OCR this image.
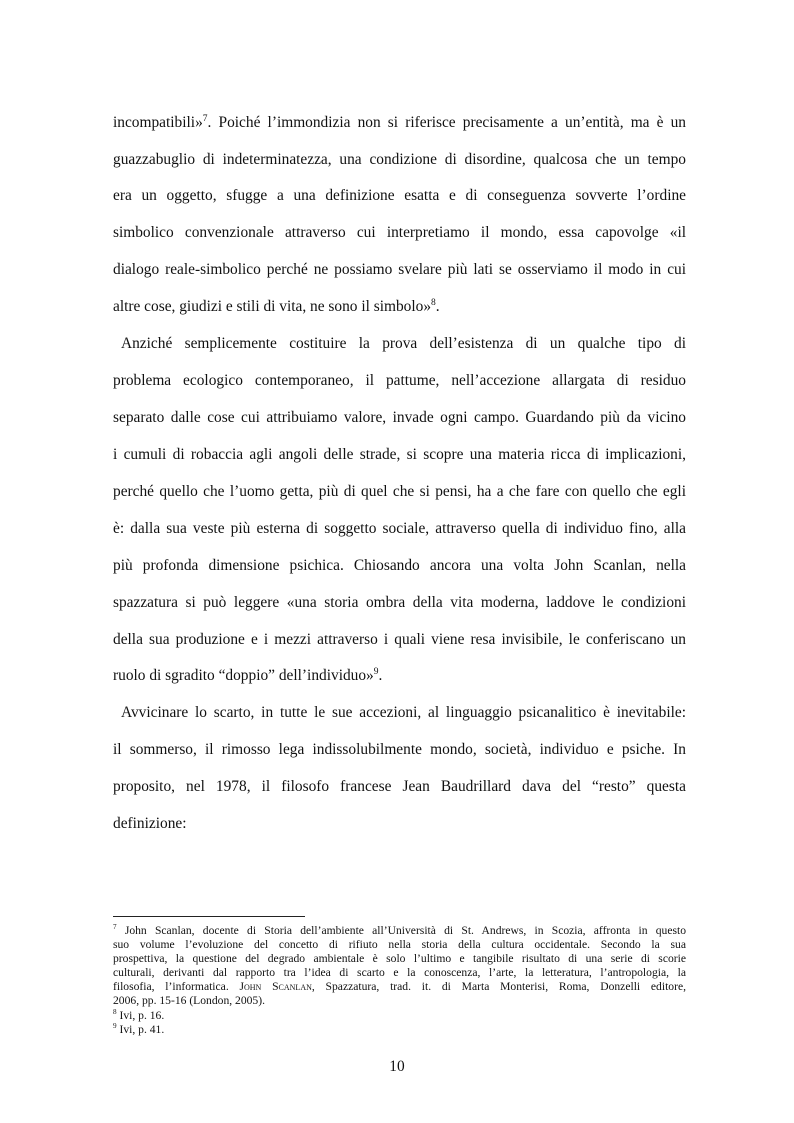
incompatibili»$^7$. Poiché l’immondizia non si riferisce precisamente a un’entità, ma è un
guazzabuglio di indeterminatezza, una condizione di disordine, qualcosa che un tempo
era un oggetto, sfugge a una definizione esatta e di conseguenza sovverte l’ordine
simbolico convenzionale attraverso cui interpretiamo il mondo, essa capovolge «il
dialogo reale-simbolico perché ne possiamo svelare più lati se osserviamo il modo in cui
altre cose, giudizi e stili di vita, ne sono il simbolo»$^8$.
Anziché semplicemente costituire la prova dell’esistenza di un qualche tipo di
problema ecologico contemporaneo, il pattume, nell’accezione allargata di residuo
separato dalle cose cui attribuiamo valore, invade ogni campo. Guardando più da vicino
i cumuli di robaccia agli angoli delle strade, si scopre una materia ricca di implicazioni,
perché quello che l’uomo getta, più di quel che si pensi, ha a che fare con quello che egli
è: dalla sua veste più esterna di soggetto sociale, attraverso quella di individuo fino, alla
più profonda dimensione psichica. Chiosando ancora una volta John Scanlan, nella
spazzatura si può leggere «una storia ombra della vita moderna, laddove le condizioni
della sua produzione e i mezzi attraverso i quali viene resa invisibile, le conferiscano un
ruolo di sgradito “doppio” dell’individuo»$^9$.
Avvicinare lo scarto, in tutte le sue accezioni, al linguaggio psicanalitico è inevitabile:
il sommerso, il rimosso lega indissolubilmente mondo, società, individuo e psiche. In
proposito, nel 1978, il filosofo francese Jean Baudrillard dava del “resto” questa
definizione:
$^7$ John Scanlan, docente di Storia dell’ambiente all’Università di St. Andrews, in Scozia, affronta in questo
suo volume l’evoluzione del concetto di rifiuto nella storia della cultura occidentale. Secondo la sua
prospettiva, la questione del degrado ambientale è solo l’ultimo e tangibile risultato di una serie di scorie
culturali, derivanti dal rapporto tra l’idea di scarto e la conoscenza, l’arte, la letteratura, l’antropologia, la
filosofia, l’informatica. John Scanlan, Spazzatura, trad. it. di Marta Monterisi, Roma, Donzelli editore,
2006, pp. 15-16 (London, 2005).
$^8$ Ivi, p. 16.
$^9$ Ivi, p. 41.
10
